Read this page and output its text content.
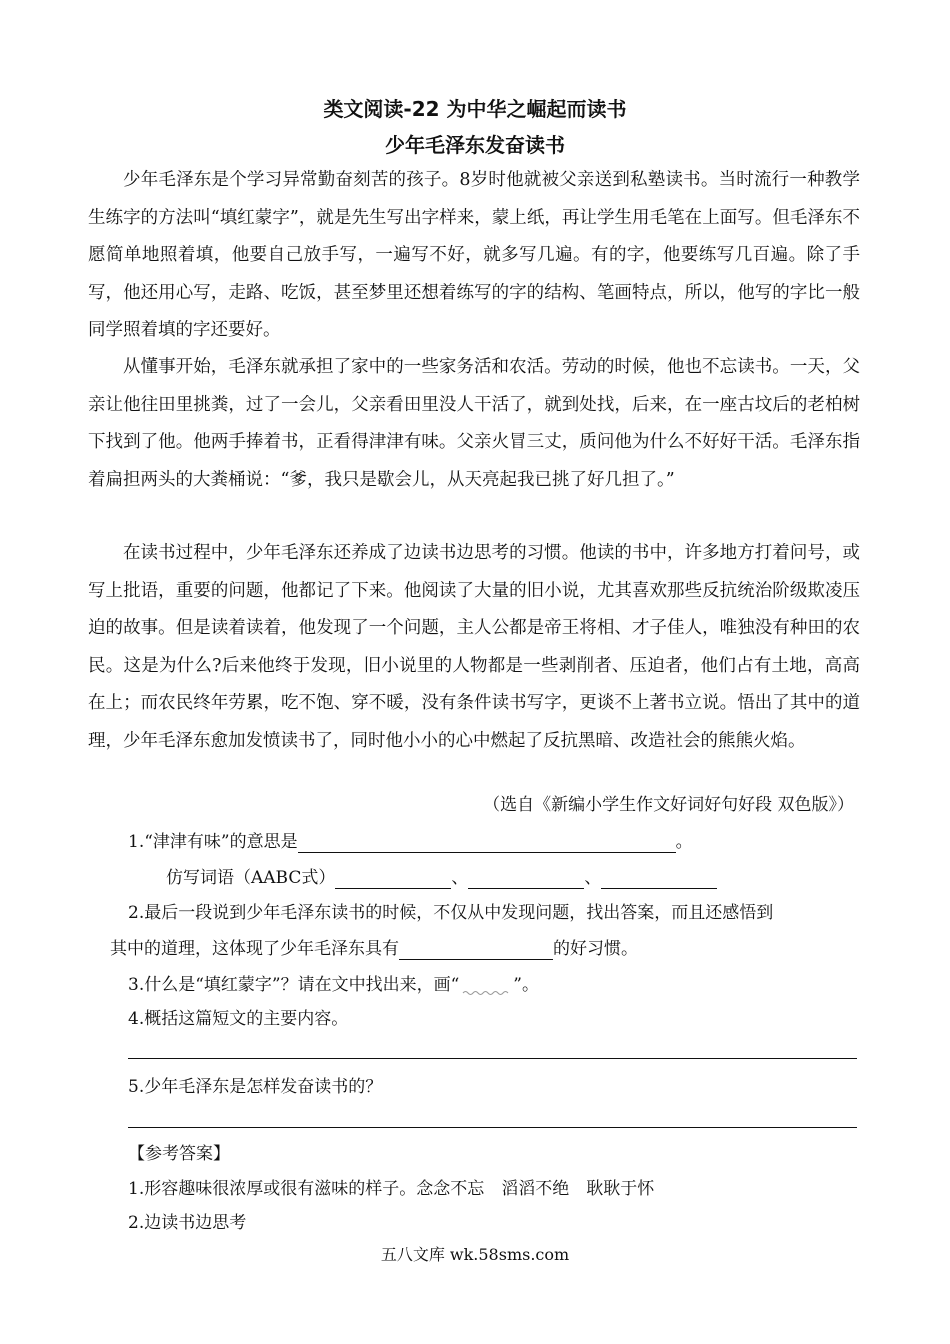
类文阅读-22 为中华之崛起而读书
少年毛泽东发奋读书
少年毛泽东是个学习异常勤奋刻苦的孩子。8岁时他就被父亲送到私塾读书。当时流行一种教学生练字的方法叫“填红蒙字”，就是先生写出字样来，蒙上纸，再让学生用毛笔在上面写。但毛泽东不愿简单地照着填，他要自己放手写，一遍写不好，就多写几遍。有的字，他要练写几百遍。除了手写，他还用心写，走路、吃饭，甚至梦里还想着练写的字的结构、笔画特点，所以，他写的字比一般同学照着填的字还要好。
从懂事开始，毛泽东就承担了家中的一些家务活和农活。劳动的时候，他也不忘读书。一天，父亲让他往田里挑粪，过了一会儿，父亲看田里没人干活了，就到处找，后来，在一座古坟后的老柏树下找到了他。他两手捧着书，正看得津津有味。父亲火冒三丈，质问他为什么不好好干活。毛泽东指着扁担两头的大粪桶说：“爹，我只是歇会儿，从天亮起我已挑了好几担了。”
在读书过程中，少年毛泽东还养成了边读书边思考的习惯。他读的书中，许多地方打着问号，或写上批语，重要的问题，他都记了下来。他阅读了大量的旧小说，尤其喜欢那些反抗统治阶级欺凌压迫的故事。但是读着读着，他发现了一个问题，主人公都是帝王将相、才子佳人，唯独没有种田的农民。这是为什么?后来他终于发现，旧小说里的人物都是一些剥削者、压迫者，他们占有土地，高高在上；而农民终年劳累，吃不饱、穿不暖，没有条件读书写字，更谈不上著书立说。悟出了其中的道理，少年毛泽东愈加发愤读书了，同时他小小的心中燃起了反抗黑暗、改造社会的熊熊火焰。
（选自《新编小学生作文好词好句好段 双色版》）
1.“津津有味”的意思是	。
仿写词语（AABC式）	、	、
2.最后一段说到少年毛泽东读书的时候，不仅从中发现问题，找出答案，而且还感悟到
其中的道理，这体现了少年毛泽东具有	的好习惯。
3.什么是“填红蒙字”？请在文中找出来，画“	”。
4.概括这篇短文的主要内容。
5.少年毛泽东是怎样发奋读书的？
【参考答案】
1.形容趣味很浓厚或很有滋味的样子。念念不忘　滔滔不绝　耿耿于怀
2.边读书边思考
五八文库 wk.58sms.com
